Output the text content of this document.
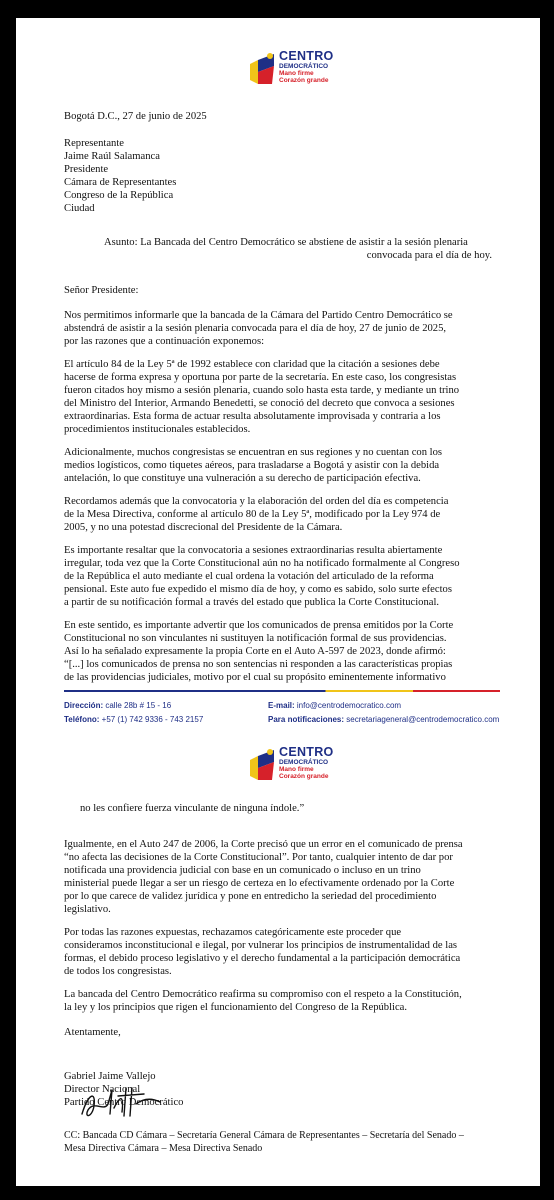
CENTRO
DEMOCRÁTICO
Mano firme
Corazón grande
Bogotá D.C., 27 de junio de 2025
Representante
Jaime Raúl Salamanca
Presidente
Cámara de Representantes
Congreso de la República
Ciudad
Asunto: La Bancada del Centro Democrático se abstiene de asistir a la sesión plenaria
convocada para el día de hoy.
Señor Presidente:
Nos permitimos informarle que la bancada de la Cámara del Partido Centro Democrático se
abstendrá de asistir a la sesión plenaria convocada para el día de hoy, 27 de junio de 2025,
por las razones que a continuación exponemos:
El artículo 84 de la Ley 5ª de 1992 establece con claridad que la citación a sesiones debe
hacerse de forma expresa y oportuna por parte de la secretaría. En este caso, los congresistas
fueron citados hoy mismo a sesión plenaria, cuando solo hasta esta tarde, y mediante un trino
del Ministro del Interior, Armando Benedetti, se conoció del decreto que convoca a sesiones
extraordinarias. Esta forma de actuar resulta absolutamente improvisada y contraria a los
procedimientos institucionales establecidos.
Adicionalmente, muchos congresistas se encuentran en sus regiones y no cuentan con los
medios logísticos, como tiquetes aéreos, para trasladarse a Bogotá y asistir con la debida
antelación, lo que constituye una vulneración a su derecho de participación efectiva.
Recordamos además que la convocatoria y la elaboración del orden del día es competencia
de la Mesa Directiva, conforme al artículo 80 de la Ley 5ª, modificado por la Ley 974 de
2005, y no una potestad discrecional del Presidente de la Cámara.
Es importante resaltar que la convocatoria a sesiones extraordinarias resulta abiertamente
irregular, toda vez que la Corte Constitucional aún no ha notificado formalmente al Congreso
de la República el auto mediante el cual ordena la votación del articulado de la reforma
pensional. Este auto fue expedido el mismo día de hoy, y como es sabido, solo surte efectos
a partir de su notificación formal a través del estado que publica la Corte Constitucional.
En este sentido, es importante advertir que los comunicados de prensa emitidos por la Corte
Constitucional no son vinculantes ni sustituyen la notificación formal de sus providencias.
Así lo ha señalado expresamente la propia Corte en el Auto A-597 de 2023, donde afirmó:
“[...] los comunicados de prensa no son sentencias ni responden a las características propias
de las providencias judiciales, motivo por el cual su propósito eminentemente informativo
Dirección: calle 28b # 15 - 16
Teléfono: +57 (1) 742 9336 - 743 2157
E-mail: info@centrodemocratico.com
Para notificaciones: secretariageneral@centrodemocratico.com
CENTRO
DEMOCRÁTICO
Mano firme
Corazón grande
no les confiere fuerza vinculante de ninguna índole.”
Igualmente, en el Auto 247 de 2006, la Corte precisó que un error en el comunicado de prensa
“no afecta las decisiones de la Corte Constitucional”. Por tanto, cualquier intento de dar por
notificada una providencia judicial con base en un comunicado o incluso en un trino
ministerial puede llegar a ser un riesgo de certeza en lo efectivamente ordenado por la Corte
por lo que carece de validez jurídica y pone en entredicho la seriedad del procedimiento
legislativo.
Por todas las razones expuestas, rechazamos categóricamente este proceder que
consideramos inconstitucional e ilegal, por vulnerar los principios de instrumentalidad de las
formas, el debido proceso legislativo y el derecho fundamental a la participación democrática
de todos los congresistas.
La bancada del Centro Democrático reafirma su compromiso con el respeto a la Constitución,
la ley y los principios que rigen el funcionamiento del Congreso de la República.
Atentamente,
Gabriel Jaime Vallejo
Director Nacional
Partido Centro Democrático
CC: Bancada CD Cámara – Secretaría General Cámara de Representantes – Secretaría del Senado –
Mesa Directiva Cámara – Mesa Directiva Senado
